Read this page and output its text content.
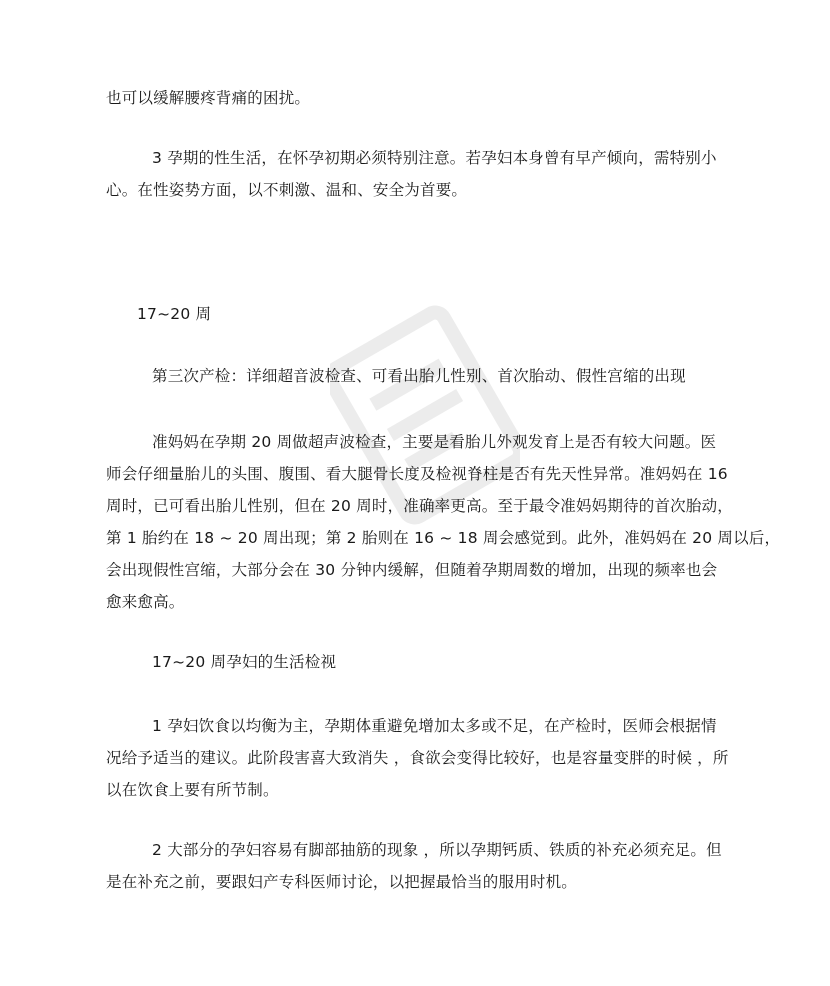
也可以缓解腰疼背痛的困扰。

3 孕期的性生活，在怀孕初期必须特别注意。若孕妇本身曾有早产倾向，需特别小

心。在性姿势方面，以不刺激、温和、安全为首要。

17~20 周

第三次产检：详细超音波检查、可看出胎儿性别、首次胎动、假性宫缩的出现

准妈妈在孕期 20 周做超声波检查，主要是看胎儿外观发育上是否有较大问题。医

师会仔细量胎儿的头围、腹围、看大腿骨长度及检视脊柱是否有先天性异常。准妈妈在 16

周时，已可看出胎儿性别，但在 20 周时，准确率更高。至于最令准妈妈期待的首次胎动，

第 1 胎约在 18 ~ 20 周出现；第 2 胎则在 16 ~ 18 周会感觉到。此外，准妈妈在 20 周以后，

会出现假性宫缩，大部分会在 30 分钟内缓解，但随着孕期周数的增加，出现的频率也会

愈来愈高。

17~20 周孕妇的生活检视

1 孕妇饮食以均衡为主，孕期体重避免增加太多或不足，在产检时，医师会根据情

况给予适当的建议。此阶段害喜大致消失 ，食欲会变得比较好，也是容量变胖的时候 ，所

以在饮食上要有所节制。

2 大部分的孕妇容易有脚部抽筋的现象 ，所以孕期钙质、铁质的补充必须充足。但

是在补充之前，要跟妇产专科医师讨论，以把握最恰当的服用时机。
